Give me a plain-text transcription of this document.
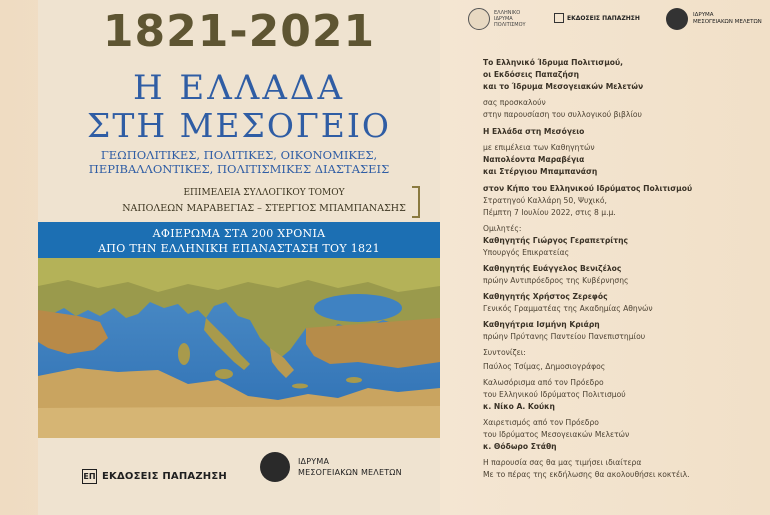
1821-2021
Η ΕΛΛΑΔΑ
ΣΤΗ ΜΕΣΟΓΕΙΟ
ΓΕΩΠΟΛΙΤΙΚΕΣ, ΠΟΛΙΤΙΚΕΣ, ΟΙΚΟΝΟΜΙΚΕΣ,
ΠΕΡΙΒΑΛΛΟΝΤΙΚΕΣ, ΠΟΛΙΤΙΣΜΙΚΕΣ ΔΙΑΣΤΑΣΕΙΣ
ΕΠΙΜΕΛΕΙΑ ΣΥΛΛΟΓΙΚΟΥ ΤΟΜΟΥ
ΝΑΠΟΛΕΩΝ ΜΑΡΑΒΕΓΙΑΣ – ΣΤΕΡΓΙΟΣ ΜΠΑΜΠΑΝΑΣΗΣ
ΑΦΙΕΡΩΜΑ ΣΤΑ 200 ΧΡΟΝΙΑ
ΑΠΟ ΤΗΝ ΕΛΛΗΝΙΚΗ ΕΠΑΝΑΣΤΑΣΗ ΤΟΥ 1821
ΕΠ ΕΚΔΟΣΕΙΣ ΠΑΠΑΖΗΣΗ
ΙΔΡΥΜΑ
ΜΕΣΟΓΕΙΑΚΩΝ ΜΕΛΕΤΩΝ
ΕΛΛΗΝΙΚΟ
ΙΔΡΥΜΑ
ΠΟΛΙΤΙΣΜΟΥ
ΕΚΔΟΣΕΙΣ ΠΑΠΑΖΗΣΗ	ΙΔΡΥΜΑ
ΜΕΣΟΓΕΙΑΚΩΝ ΜΕΛΕΤΩΝ
Το Ελληνικό Ίδρυμα Πολιτισμού,
οι Εκδόσεις Παπαζήση
και το Ίδρυμα Μεσογειακών Μελετών
σας προσκαλούν
στην παρουσίαση του συλλογικού βιβλίου
Η Ελλάδα στη Μεσόγειο
με επιμέλεια των Καθηγητών
Ναπολέοντα Μαραβέγια
και Στέργιου Μπαμπανάση
στον Κήπο του Ελληνικού Ιδρύματος Πολιτισμού
Στρατηγού Καλλάρη 50, Ψυχικό,
Πέμπτη 7 Ιουλίου 2022, στις 8 μ.μ.
Ομιλητές:
Καθηγητής Γιώργος Γεραπετρίτης
Υπουργός Επικρατείας
Καθηγητής Ευάγγελος Βενιζέλος
πρώην Αντιπρόεδρος της Κυβέρνησης
Καθηγητής Χρήστος Ζερεφός
Γενικός Γραμματέας της Ακαδημίας Αθηνών
Καθηγήτρια Ισμήνη Κριάρη
πρώην Πρύτανης Παντείου Πανεπιστημίου
Συντονίζει:
Παύλος Τσίμας, Δημοσιογράφος
Καλωσόρισμα από τον Πρόεδρο
του Ελληνικού Ιδρύματος Πολιτισμού
κ. Νίκο Α. Κούκη
Χαιρετισμός από τον Πρόεδρο
του Ιδρύματος Μεσογειακών Μελετών
κ. Θόδωρο Στάθη
Η παρουσία σας θα μας τιμήσει ιδιαίτερα
Με το πέρας της εκδήλωσης θα ακολουθήσει κοκτέιλ.
